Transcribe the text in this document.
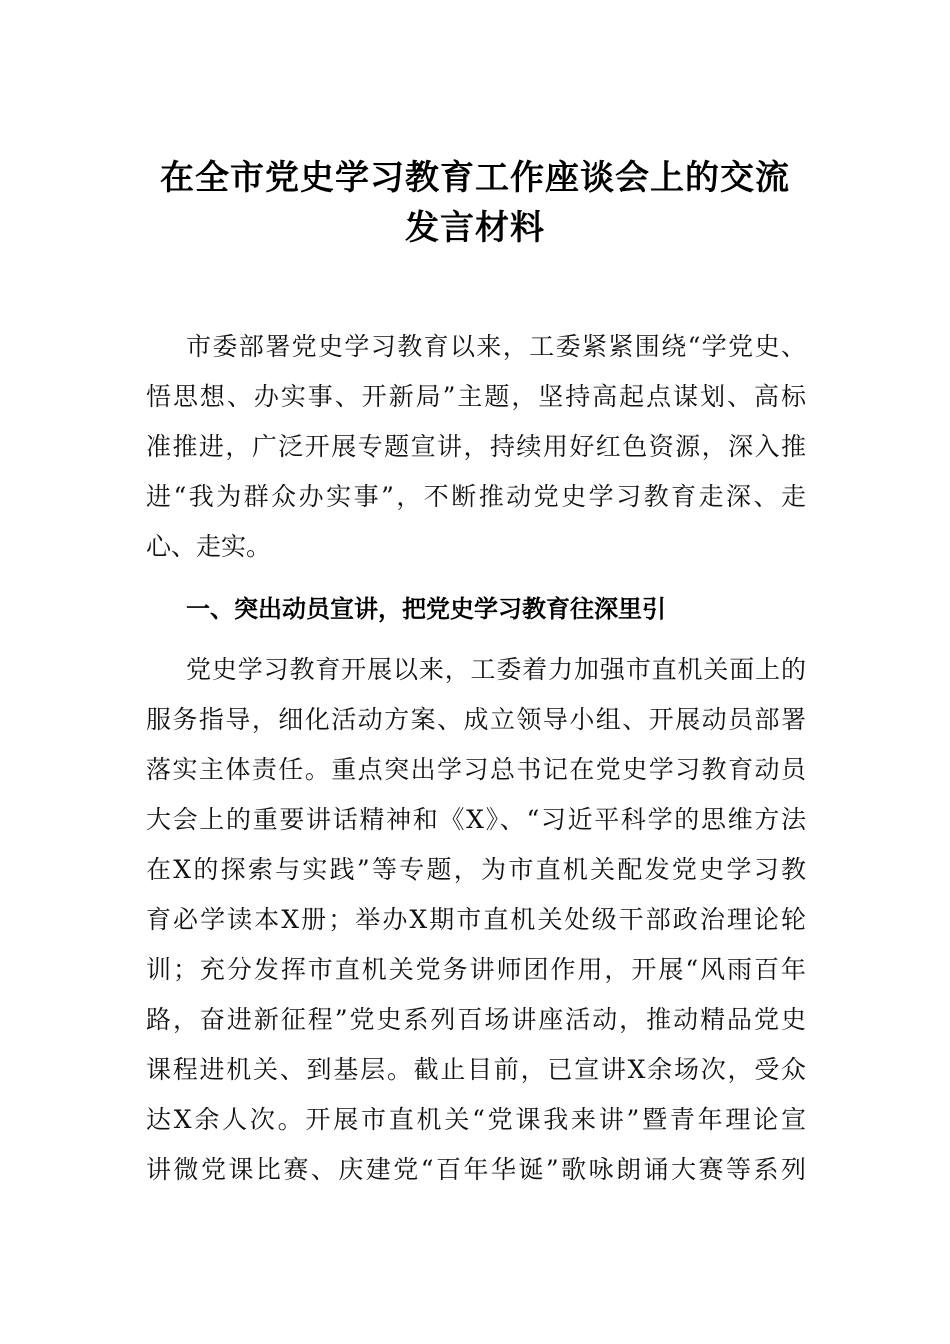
在全市党史学习教育工作座谈会上的交流
发言材料
市委部署党史学习教育以来，工委紧紧围绕“学党史、
悟思想、办实事、开新局”主题，坚持高起点谋划、高标
准推进，广泛开展专题宣讲，持续用好红色资源，深入推
进“我为群众办实事”，不断推动党史学习教育走深、走
心、走实。
一、突出动员宣讲，把党史学习教育往深里引
党史学习教育开展以来，工委着力加强市直机关面上的
服务指导，细化活动方案、成立领导小组、开展动员部署
落实主体责任。重点突出学习总书记在党史学习教育动员
大会上的重要讲话精神和《X》、“习近平科学的思维方法
在X的探索与实践”等专题，为市直机关配发党史学习教
育必学读本X册；举办X期市直机关处级干部政治理论轮
训；充分发挥市直机关党务讲师团作用，开展“风雨百年
路，奋进新征程”党史系列百场讲座活动，推动精品党史
课程进机关、到基层。截止目前，已宣讲X余场次，受众
达X余人次。开展市直机关“党课我来讲”暨青年理论宣
讲微党课比赛、庆建党“百年华诞”歌咏朗诵大赛等系列
